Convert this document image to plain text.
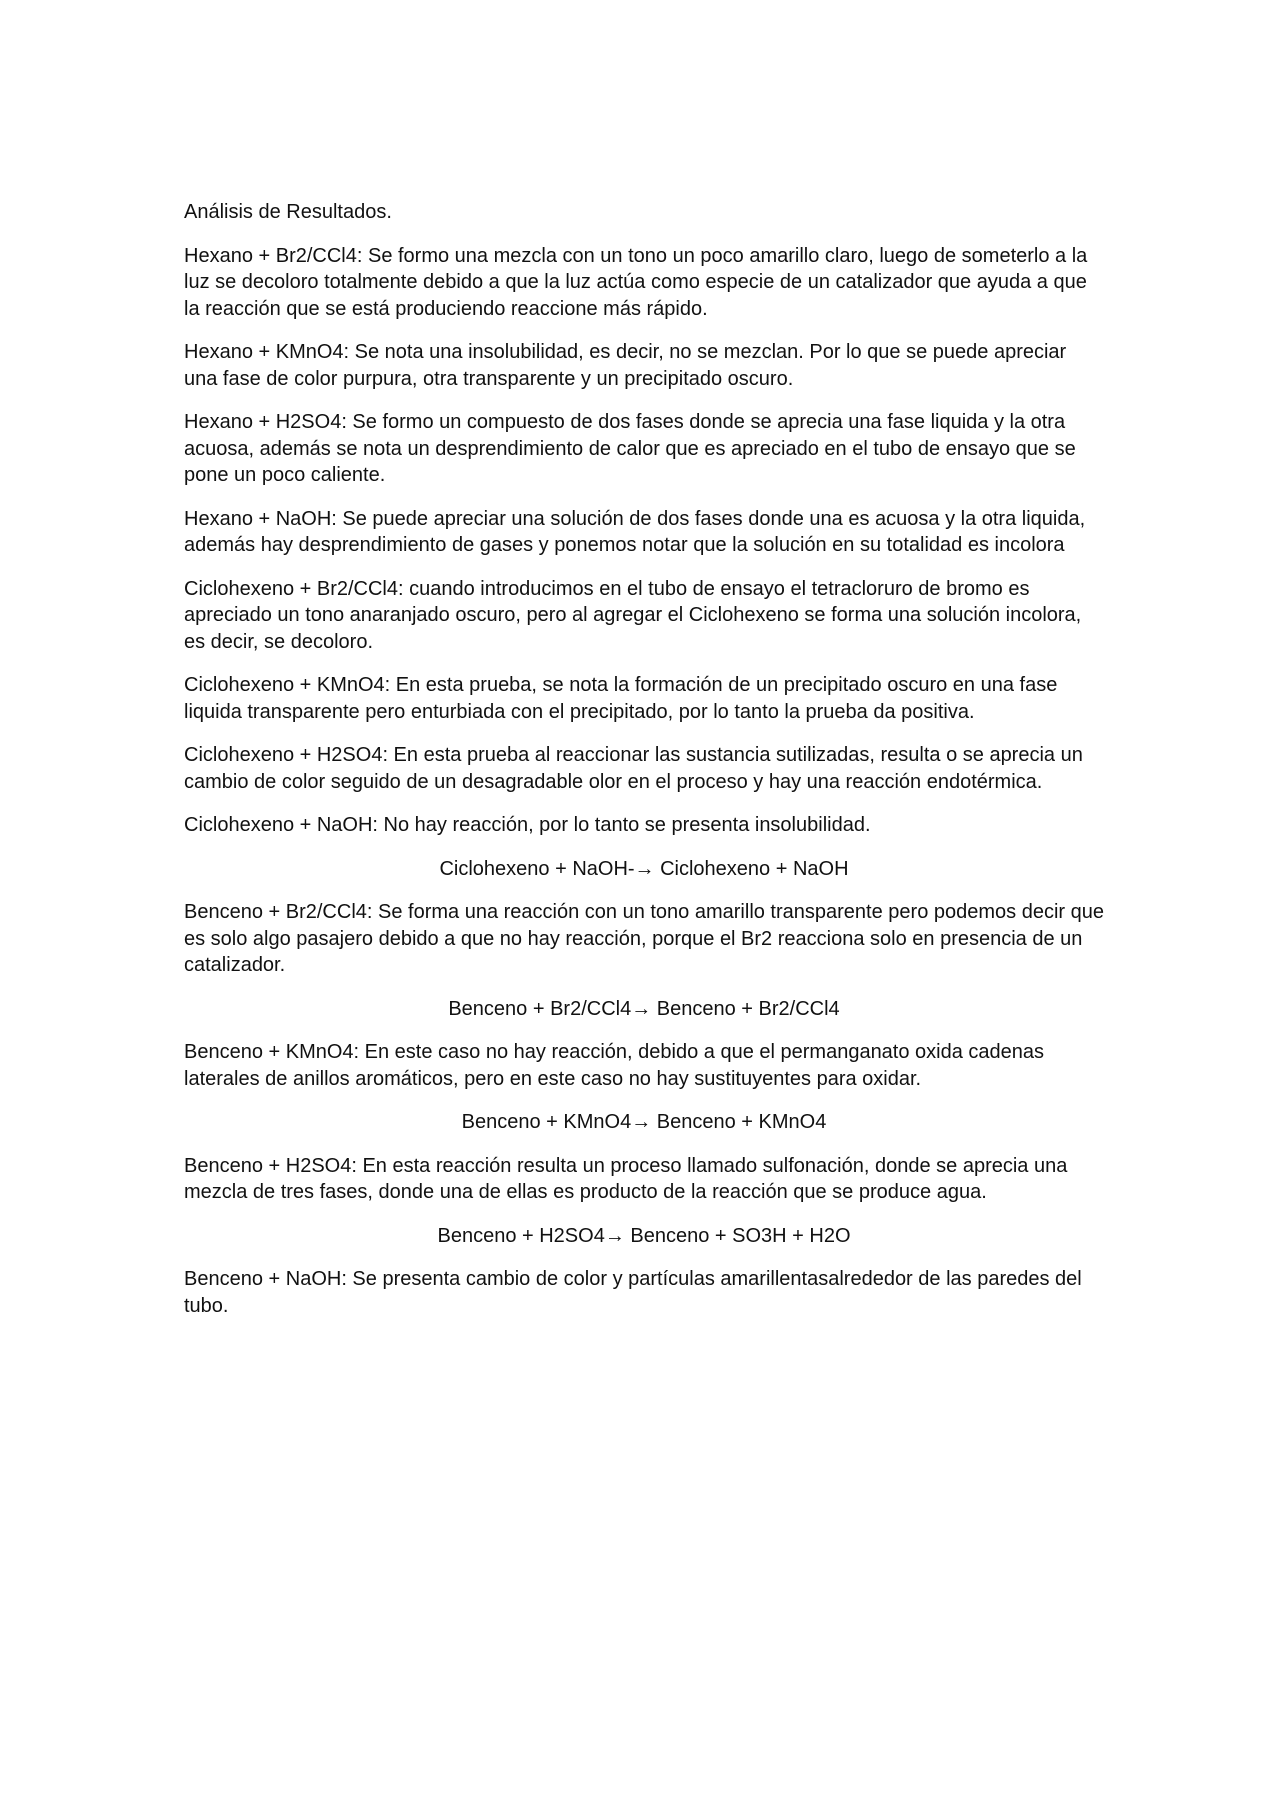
Análisis de Resultados.

Hexano + Br2/CCl4: Se formo una mezcla con un tono un poco amarillo claro, luego de someterlo a la luz se decoloro totalmente debido a que la luz actúa como especie de un catalizador que ayuda a que la reacción que se está produciendo reaccione más rápido.

Hexano + KMnO4: Se nota una insolubilidad, es decir, no se mezclan. Por lo que se puede apreciar una fase de color purpura, otra transparente y un precipitado oscuro.

Hexano + H2SO4: Se formo un compuesto de dos fases donde se aprecia una fase liquida y la otra acuosa, además se nota un desprendimiento de calor que es apreciado en el tubo de ensayo que se pone un poco caliente.

Hexano + NaOH: Se puede apreciar una solución de dos fases donde una es acuosa y la otra liquida, además hay desprendimiento de gases y ponemos notar que la solución en su totalidad es incolora

Ciclohexeno + Br2/CCl4: cuando introducimos en el tubo de ensayo el tetracloruro de bromo es apreciado un tono anaranjado oscuro, pero al agregar el Ciclohexeno se forma una solución incolora, es decir, se decoloro.

Ciclohexeno + KMnO4: En esta prueba, se nota la formación de un precipitado oscuro en una fase liquida transparente pero enturbiada con el precipitado, por lo tanto la prueba da positiva.

Ciclohexeno + H2SO4: En esta prueba al reaccionar las sustancia sutilizadas, resulta o se aprecia un cambio de color seguido de un desagradable olor en el proceso y hay una reacción endotérmica.

Ciclohexeno + NaOH: No hay reacción, por lo tanto se presenta insolubilidad.

Ciclohexeno + NaOH-→ Ciclohexeno + NaOH

Benceno + Br2/CCl4: Se forma una reacción con un tono amarillo transparente pero podemos decir que es solo algo pasajero debido a que no hay reacción, porque el Br2 reacciona solo en presencia de un catalizador.

Benceno + Br2/CCl4→ Benceno + Br2/CCl4

Benceno + KMnO4: En este caso no hay reacción, debido a que el permanganato oxida cadenas laterales de anillos aromáticos, pero en este caso no hay sustituyentes para oxidar.

Benceno + KMnO4→ Benceno + KMnO4

Benceno + H2SO4: En esta reacción resulta un proceso llamado sulfonación, donde se aprecia una mezcla de tres fases, donde una de ellas es producto de la reacción que se produce agua.

Benceno + H2SO4→ Benceno + SO3H + H2O

Benceno + NaOH: Se presenta cambio de color y partículas amarillentasalrededor de las paredes del tubo.
